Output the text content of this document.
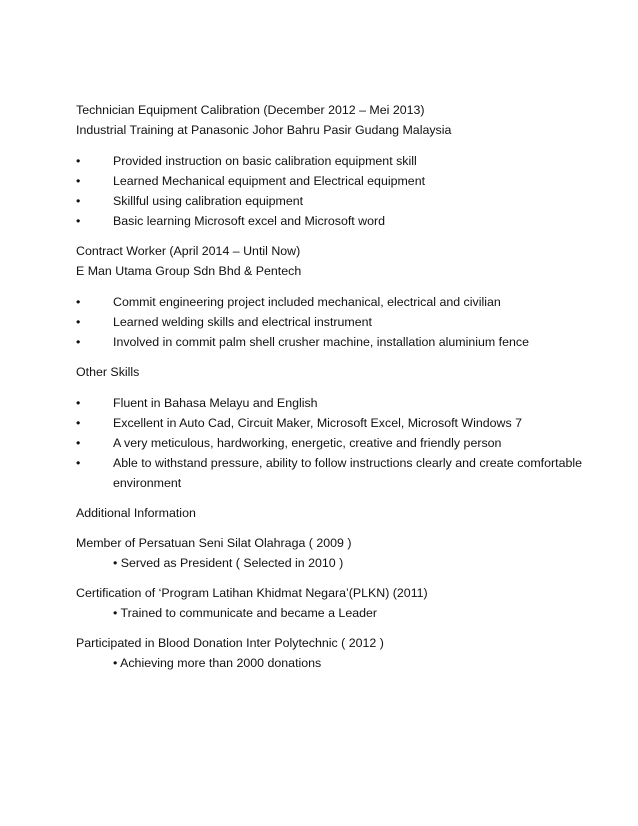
Technician Equipment Calibration (December 2012 – Mei 2013)
Industrial Training at Panasonic Johor Bahru Pasir Gudang Malaysia
•	Provided instruction on basic calibration equipment skill
•	Learned Mechanical equipment and Electrical equipment
•	Skillful using calibration equipment
•	Basic learning Microsoft excel and Microsoft word
Contract Worker (April 2014 – Until Now)
E Man Utama Group Sdn Bhd & Pentech
•	Commit engineering project included mechanical, electrical and civilian
•	Learned welding skills and electrical instrument
•	Involved in commit palm shell crusher machine, installation aluminium fence
Other Skills
•	Fluent in Bahasa Melayu and English
•	Excellent in Auto Cad, Circuit Maker, Microsoft Excel, Microsoft Windows 7
•	A very meticulous, hardworking, energetic, creative and friendly person
•	Able to withstand pressure, ability to follow instructions clearly and create comfortable environment
Additional Information
Member of Persatuan Seni Silat Olahraga ( 2009 )
• Served as President ( Selected in 2010 )
Certification of ‘Program Latihan Khidmat Negara’(PLKN) (2011)
• Trained to communicate and became a Leader
Participated in Blood Donation Inter Polytechnic ( 2012 )
• Achieving more than 2000 donations
